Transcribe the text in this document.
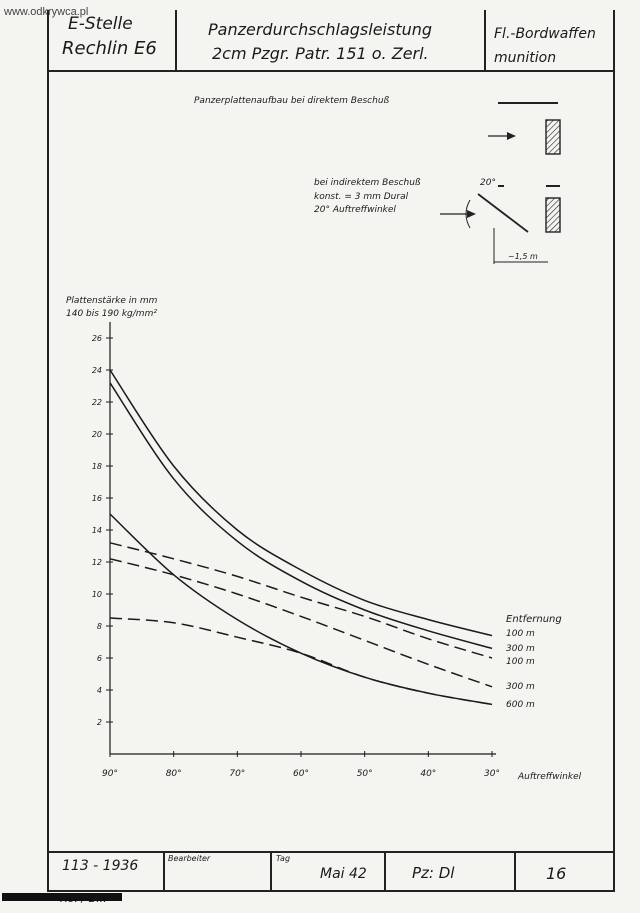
www.odkrywca.pl
E-Stelle
Rechlin E6
Panzerdurchschlagsleistung
2cm Pzgr. Patr. 151 o. Zerl.
Fl.-Bordwaffen
munition
Panzerplattenaufbau bei direktem Beschuß
bei indirektem Beschuß
konst. = 3 mm Dural
20° Auftreffwinkel
20°
~1,5 m
Plattenstärke in mm
140 bis 190 kg/mm²
Auftreffwinkel
Entfernung
2
4
6
8
10
12
14
16
18
20
22
24
26
90°	80°	70°	60°	50°	40°	30°
100 m
300 m
100 m
300 m
600 m
113 - 1936	Bearbeiter	Tag
Mai 42	Pz: Dl	16
